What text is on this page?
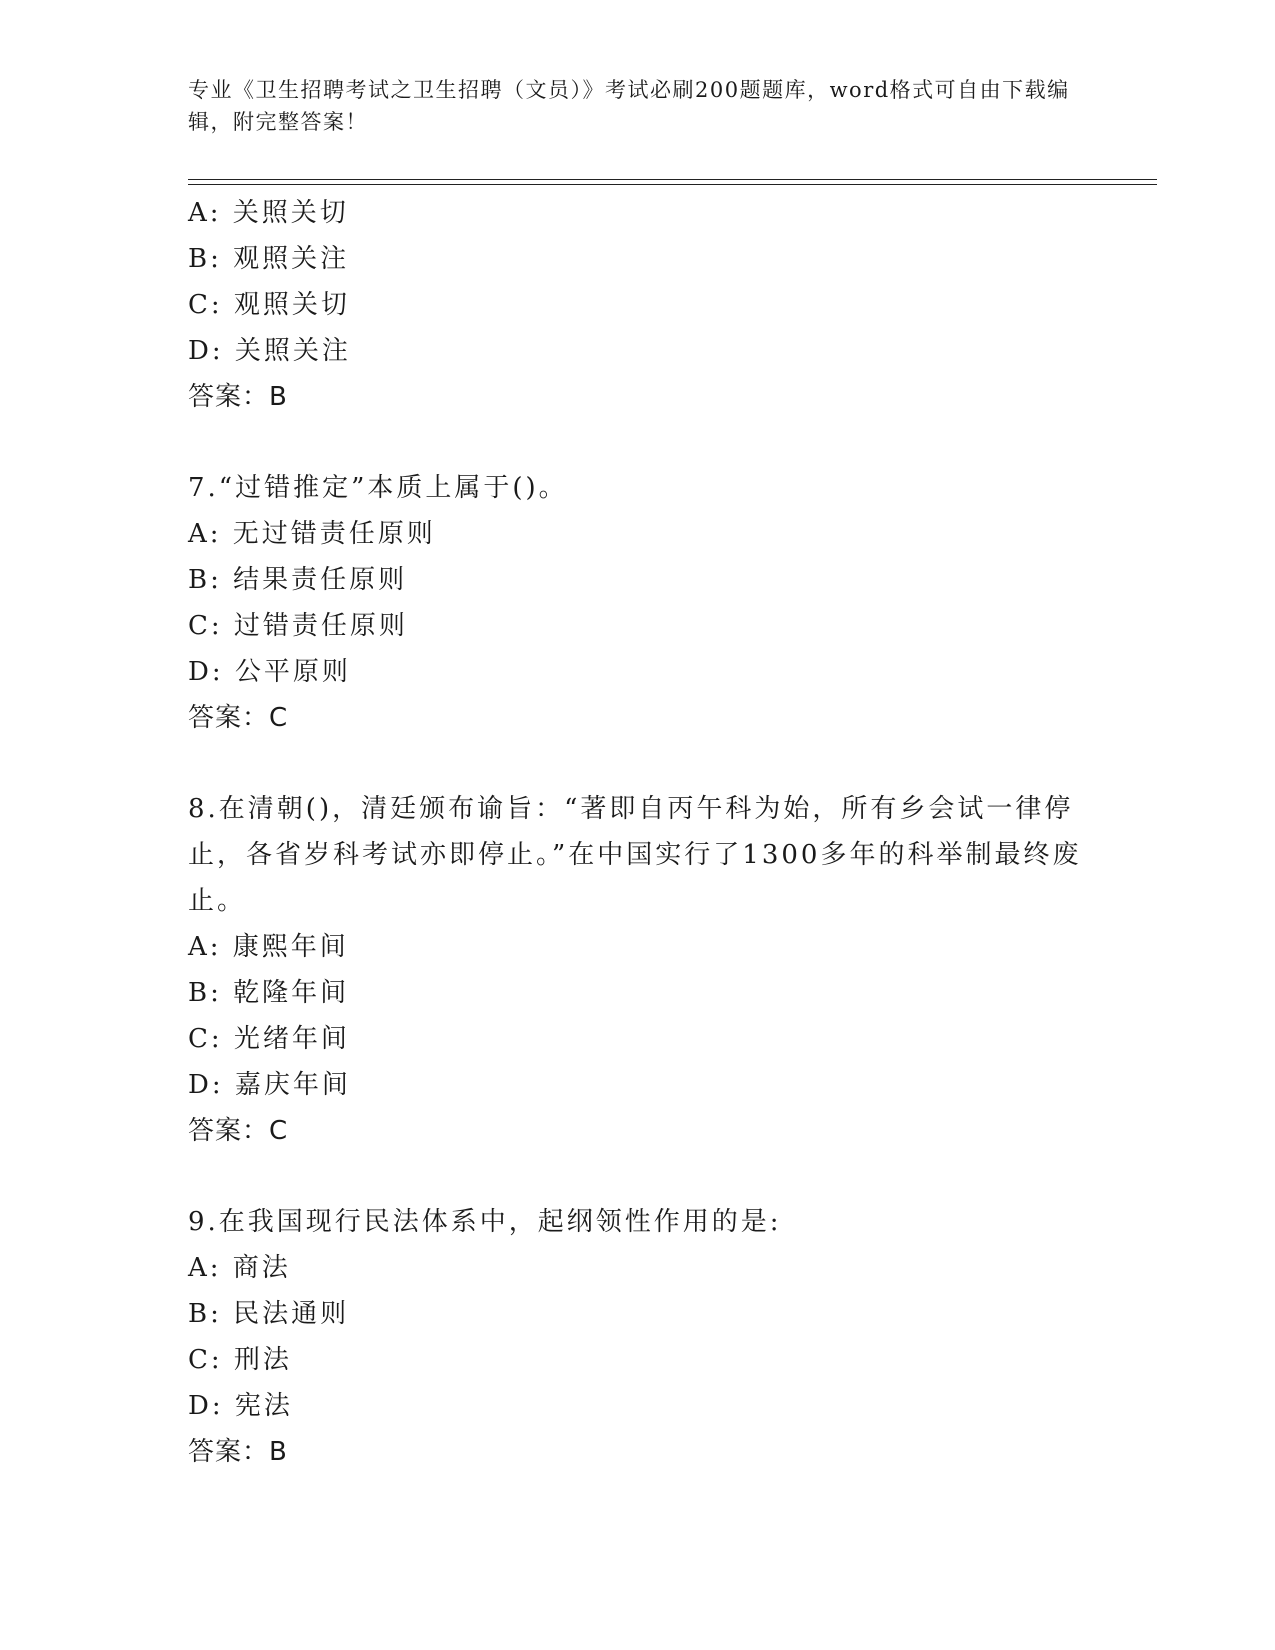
专业《卫生招聘考试之卫生招聘（文员）》考试必刷200题题库，word格式可自由下载编辑，附完整答案！
A: 关照关切
B: 观照关注
C: 观照关切
D: 关照关注
答案：B
7.“过错推定”本质上属于()。
A: 无过错责任原则
B: 结果责任原则
C: 过错责任原则
D: 公平原则
答案：C
8.在清朝()，清廷颁布谕旨：“著即自丙午科为始，所有乡会试一律停止，各省岁科考试亦即停止。”在中国实行了1300多年的科举制最终废止。
A: 康熙年间
B: 乾隆年间
C: 光绪年间
D: 嘉庆年间
答案：C
9.在我国现行民法体系中，起纲领性作用的是:
A: 商法
B: 民法通则
C: 刑法
D: 宪法
答案：B
